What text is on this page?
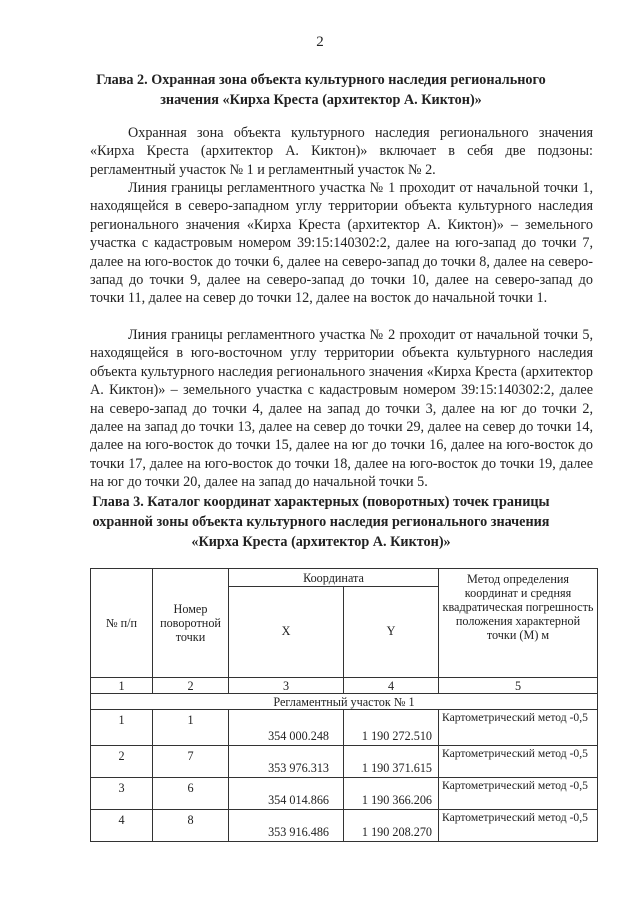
2
Глава 2. Охранная зона объекта культурного наследия регионального значения «Кирха Креста (архитектор А. Киктон)»

Охранная зона объекта культурного наследия регионального значения «Кирха Креста (архитектор А. Киктон)» включает в себя две подзоны: регламентный участок № 1 и регламентный участок № 2.

Линия границы регламентного участка № 1 проходит от начальной точки 1, находящейся в северо-западном углу территории объекта культурного наследия регионального значения «Кирха Креста (архитектор А. Киктон)» – земельного участка с кадастровым номером 39:15:140302:2, далее на юго-запад до точки 7, далее на юго-восток до точки 6, далее на северо-запад до точки 8, далее на северо-запад до точки 9, далее на северо-запад до точки 10, далее на северо-запад до точки 11, далее на север до точки 12, далее на восток до начальной точки 1.

Линия границы регламентного участка № 2 проходит от начальной точки 5, находящейся в юго-восточном углу территории объекта культурного наследия объекта культурного наследия регионального значения «Кирха Креста (архитектор А. Киктон)» – земельного участка с кадастровым номером 39:15:140302:2, далее на северо-запад до точки 4, далее на запад до точки 3, далее на юг до точки 2, далее на запад до точки 13, далее на север до точки 29, далее на север до точки 14, далее на юго-восток до точки 15, далее на юг до точки 16, далее на юго-восток до точки 17, далее на юго-восток до точки 18, далее на юго-восток до точки 19, далее на юг до точки 20, далее на запад до начальной точки 5.

Глава 3. Каталог координат характерных (поворотных) точек границы охранной зоны объекта культурного наследия регионального значения «Кирха Креста (архитектор А. Киктон)»
№ п/п	Номер поворотной точки	Координата		Метод определения координат и средняя квадратическая погрешность положения характерной точки (М) м
		X	Y	
1	2	3	4	5
Регламентный участок № 1				
1	1	354 000.248	1 190 272.510	Картометрический метод -0,5
2	7	353 976.313	1 190 371.615	Картометрический метод -0,5
3	6	354 014.866	1 190 366.206	Картометрический метод -0,5
4	8	353 916.486	1 190 208.270	Картометрический метод -0,5
